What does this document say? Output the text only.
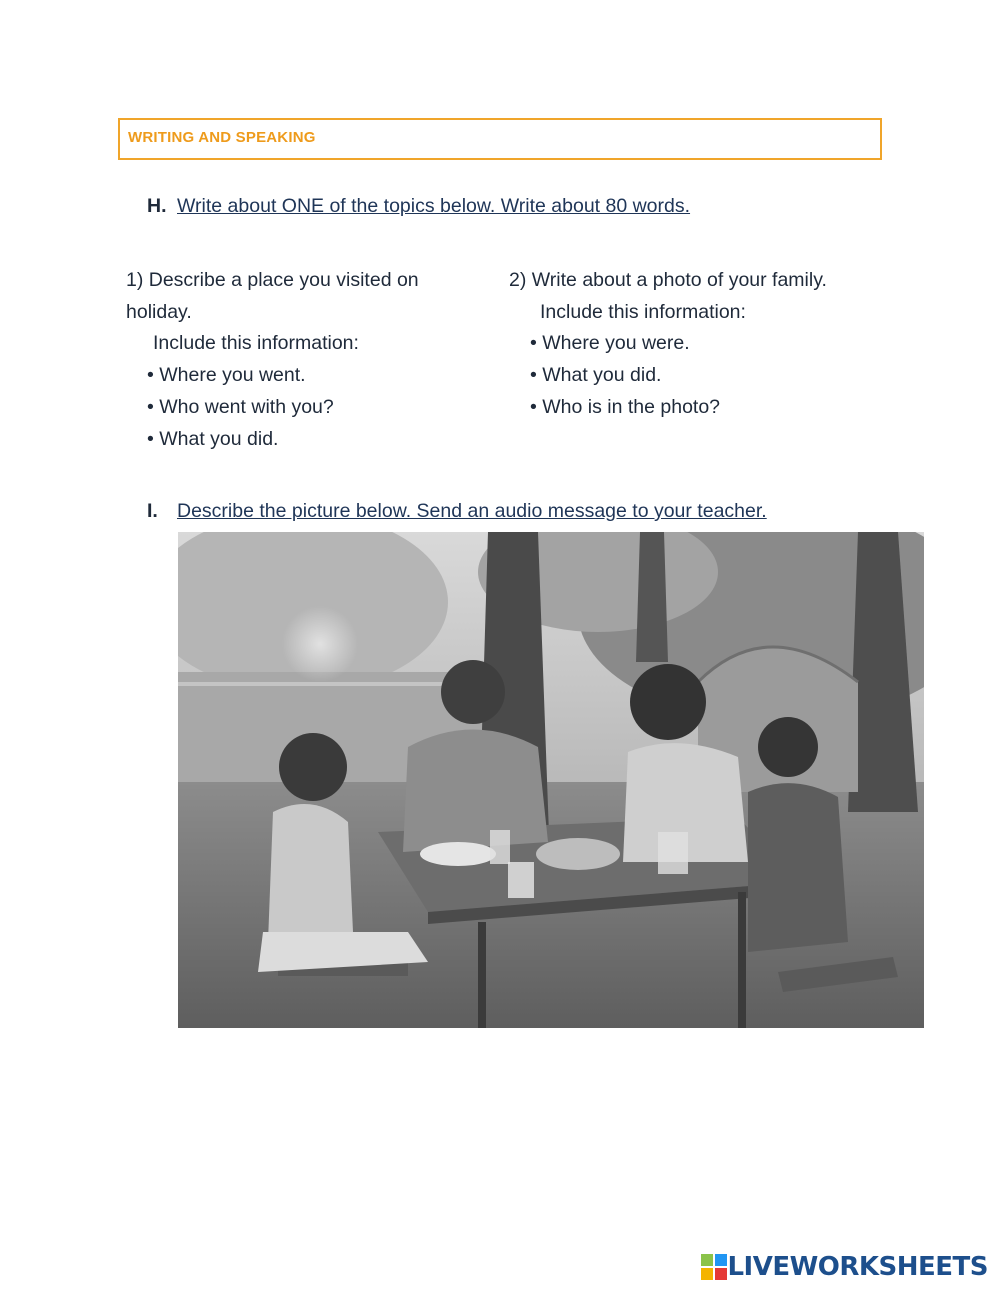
WRITING AND SPEAKING
H. Write about ONE of the topics below. Write about 80 words.
1) Describe a place you visited on
holiday.
Include this information:
• Where you went.
• Who went with you?
• What you did.
2) Write about a photo of your family.
Include this information:
• Where you were.
• What you did.
• Who is in the photo?
I. Describe the picture below. Send an audio message to your teacher.
LIVEWORKSHEETS
